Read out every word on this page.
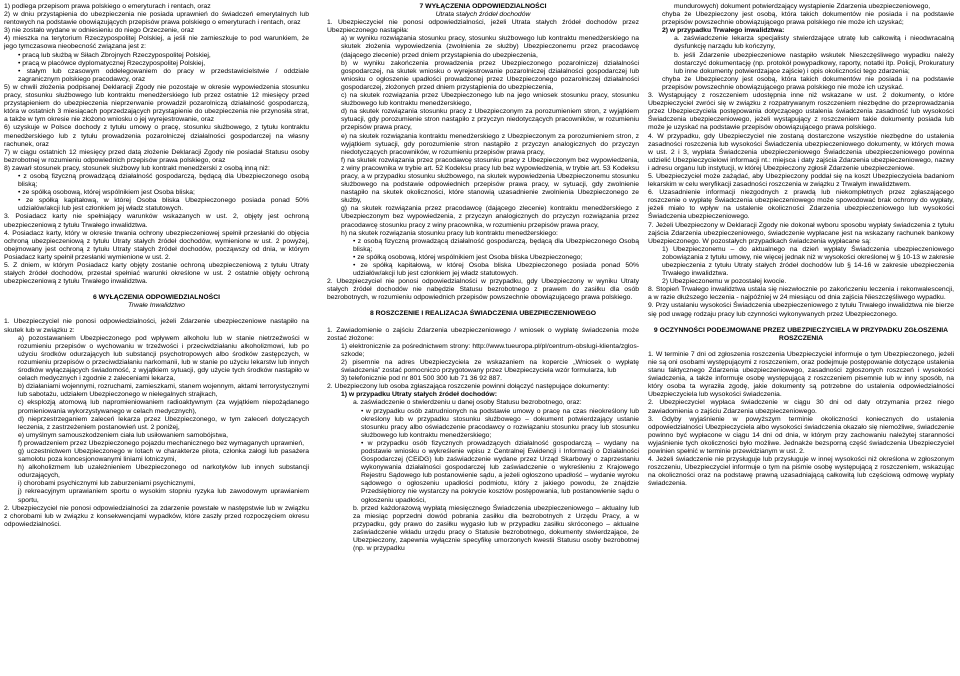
1) podlega przepisom prawa polskiego o emeryturach i rentach, oraz

2) w dniu przystąpienia do ubezpieczenia nie posiada uprawnień do świadczeń emerytalnych lub rentowych na podstawie obowiązujących przepisów prawa polskiego o emeryturach i rentach, oraz

3) nie zostało wydane w odniesieniu do niego Orzeczenie, oraz

4) mieszka na terytorium Rzeczypospolitej Polskiej, a jeśli nie zamieszkuje to pod warunkiem, że jego tymczasowa nieobecność związana jest z:

• pracą lub służbą w Siłach Zbrojnych Rzeczypospolitej Polskiej,

• pracą w placówce dyplomatycznej Rzeczypospolitej Polskiej,

• stałym lub czasowym oddelegowaniem do pracy w przedstawicielstwie / oddziale zagranicznym polskiego pracodawcy, oraz

5) w chwili złożenia podpisanej Deklaracji Zgody nie pozostaje w okresie wypowiedzenia stosunku pracy, stosunku służbowego lub kontraktu menedżerskiego lub przez ostatnie 12 miesięcy przed przystąpieniem do ubezpieczenia nieprzerwanie prowadził pozarolniczą działalność gospodarczą, która w ostatnich 3 miesiącach poprzedzających przystąpienie do ubezpieczenia nie przynosiła strat, a także w tym okresie nie złożono wniosku o jej wyrejestrowanie, oraz

6) uzyskuje w Polsce dochody z tytułu umowy o pracę, stosunku służbowego, z tytułu kontraktu menedżerskiego lub z tytułu prowadzenia pozarolniczej działalności gospodarczej na własny rachunek, oraz

7) w ciągu ostatnich 12 miesięcy przed datą złożenie Deklaracji Zgody nie posiadał Statusu osoby bezrobotnej w rozumieniu odpowiednich przepisów prawa polskiego, oraz

8) zawarł stosunek pracy, stosunek służbowy lub kontrakt menedżerski z osobą inną niż:

• z osobą fizyczną prowadzącą działalność gospodarczą, będącą dla Ubezpieczonego osobą bliską;

• ze spółką osobową, której wspólnikiem jest Osoba bliska;

• ze spółką kapitałową, w której Osoba bliska Ubezpieczonego posiada ponad 50% udziałów/akcji lub jest członkiem jej władz statutowych.

3. Posiadacz karty nie spełniający warunków wskazanych w ust. 2, objęty jest ochroną ubezpieczeniową z tytułu Trwałego inwalidztwa.

4. Posiadacz karty, który w okresie trwania ochrony ubezpieczeniowej spełnił przesłanki do objęcia ochroną ubezpieczeniową z tytułu Utraty stałych źródeł dochodów, wymienione w ust. 2 powyżej, obejmowany jest ochroną z tytułu Utraty stałych źródeł dochodów, począwszy od dnia, w którym Posiadacz karty spełnił przesłanki wymienione w ust. 2.

5. Z dniem, w którym Posiadacz karty objęty zostanie ochroną ubezpieczeniową z tytułu Utraty stałych źródeł dochodów, przestał spełniać warunki określone w ust. 2 ostatnie objęty ochroną ubezpieczeniową z tytułu Trwałego inwalidztwa.

6 WYŁĄCZENIA ODPOWIEDZIALNOŚCI

Trwałe Inwalidztwo

1. Ubezpieczyciel nie ponosi odpowiedzialności, jeżeli Zdarzenie ubezpieczeniowe nastąpiło na skutek lub w związku z:

a) pozostawaniem Ubezpieczonego pod wpływem alkoholu lub w stanie nietrzeźwości w rozumieniu przepisów o wychowaniu w trzeźwości i przeciwdziałaniu alkoholizmowi, lub po użyciu środków odurzających lub substancji psychotropowych albo środków zastępczych, w rozumieniu przepisów o przeciwdziałaniu narkomanii, lub w stanie po użyciu lekarstw lub innych środków wyłączających świadomość, z wyjątkiem sytuacji, gdy użycie tych środków nastąpiło w celach medycznych i zgodnie z zaleceniami lekarza,

b) działaniami wojennymi, rozruchami, zamieszkami, stanem wojennym, aktami terrorystycznymi lub sabotażu, udziałem Ubezpieczonego w nielegalnych strajkach,

c) eksplozją atomową lub napromieniowaniem radioaktywnym (za wyjątkiem niepożądanego promieniowania wykorzystywanego w celach medycznych),

d) nieprzestrzeganiem zaleceń lekarza przez Ubezpieczonego, w tym zaleceń dotyczących leczenia, z zastrzeżeniem postanowień ust. 2 poniżej,

e) umyślnym samouszkodzeniem ciała lub usiłowaniem samobójstwa,

f) prowadzeniem przez Ubezpieczonego pojazdu mechanicznego bez wymaganych uprawnień,

g) uczestnictwem Ubezpieczonego w lotach w charakterze pilota, członka załogi lub pasażera samolotu poza koncesjonowanymi liniami lotniczymi,

h) alkoholizmem lub uzależnieniem Ubezpieczonego od narkotyków lub innych substancji odurzających,

i) chorobami psychicznymi lub zaburzeniami psychicznymi,

j) rekreacyjnym uprawianiem sportu o wysokim stopniu ryzyka lub zawodowym uprawianiem sportu,

2. Ubezpieczyciel nie ponosi odpowiedzialności za zdarzenie powstałe w następstwie lub w związku z chorobami lub w związku z konsekwencjami wypadków, które zaszły przed rozpoczęciem okresu odpowiedzialności.

7 WYŁĄCZENIA ODPOWIEDZIALNOŚCI

Utrata stałych źródeł dochodów

1. Ubezpieczyciel nie ponosi odpowiedzialności, jeżeli Utrata stałych źródeł dochodów przez Ubezpieczonego nastąpiła:

a) w wyniku rozwiązania stosunku pracy, stosunku służbowego lub kontraktu menedżerskiego na skutek złożenia wypowiedzenia (zwolnienia ze służby) Ubezpieczonemu przez pracodawcę (dającego zlecenie) przed dniem przystąpienia do ubezpieczenia,

b) w wyniku zakończenia prowadzenia przez Ubezpieczonego pozarolniczej działalności gospodarczej, na skutek wniosku o wyrejestrowanie pozarolniczej działalności gospodarczej lub wniosku o ogłoszenie upadłości prowadzonej przez Ubezpieczonego pozarolniczej działalności gospodarczej, złożonych przed dniem przystąpienia do ubezpieczenia,

c) na skutek rozwiązania przez Ubezpieczonego lub na jego wniosek stosunku pracy, stosunku służbowego lub kontraktu menedżerskiego,

d) na skutek rozwiązania stosunku pracy z Ubezpieczonym za porozumieniem stron, z wyjątkiem sytuacji, gdy porozumienie stron nastąpiło z przyczyn niedotyczących pracowników, w rozumieniu przepisów prawa pracy,

e) na skutek rozwiązania kontraktu menedżerskiego z Ubezpieczonym za porozumieniem stron, z wyjątkiem sytuacji, gdy porozumienie stron nastąpiło z przyczyn analogicznych do przyczyn niedotyczących pracowników, w rozumieniu przepisów prawa pracy,

f) na skutek rozwiązania przez pracodawcę stosunku pracy z Ubezpieczonym bez wypowiedzenia, z winy pracownika w trybie art. 52 Kodeksu pracy lub bez wypowiedzenia, w trybie art. 53 Kodeksu pracy, a w przypadku stosunku służbowego, na skutek wypowiedzenia Ubezpieczonemu stosunku służbowego na podstawie odpowiednich przepisów prawa pracy, w sytuacji, gdy zwolnienie nastąpiło na skutek okoliczności, które stanowią uzasadnienie zwolnienia Ubezpieczonego ze służby,

g) na skutek rozwiązania przez pracodawcę (dającego zlecenie) kontraktu menedżerskiego z Ubezpieczonym bez wypowiedzenia, z przyczyn analogicznych do przyczyn rozwiązania przez pracodawcę stosunku pracy z winy pracownika, w rozumieniu przepisów prawa pracy,

h) na skutek rozwiązania stosunku pracy lub kontraktu menedżerskiego:

• z osobą fizyczną prowadzącą działalność gospodarczą, będącą dla Ubezpieczonego Osobą bliską;

• ze spółką osobową, której wspólnikiem jest Osoba bliska Ubezpieczonego;

• ze spółką kapitałową, w której Osoba bliska Ubezpieczonego posiada ponad 50% udziałów/akcji lub jest członkiem jej władz statutowych.

2. Ubezpieczyciel nie ponosi odpowiedzialności w przypadku, gdy Ubezpieczony w wyniku Utraty stałych źródeł dochodów nie nabędzie Statusu bezrobotnego z prawem do zasiłku dla osób bezrobotnych, w rozumieniu odpowiednich przepisów powszechnie obowiązującego prawa polskiego.

8 ROSZCZENIE I REALIZACJA ŚWIADCZENIA UBEZPIECZENIOWEGO

1. Zawiadomienie o zajściu Zdarzenia ubezpieczeniowego / wniosek o wypłatę świadczenia może zostać złożone:

1) elektronicznie za pośrednictwem strony: http://www.tueuropa.pl/pl/centrum-obslugi-klienta/zglos-szkode;

2) pisemnie na adres Ubezpieczyciela ze wskazaniem na kopercie „Wniosek o wypłatę świadczenia” zostać pomocniczo przygotowany przez Ubezpieczyciela wzór formularza, lub

3) telefonicznie pod nr 801 500 300 lub 71 36 92 887.

2. Ubezpieczony lub osoba zgłaszająca roszczenie powinni dołączyć następujące dokumenty:

1) w przypadku Utraty stałych źródeł dochodów:

a. zaświadczenie o stwierdzeniu u danej osoby Statusu bezrobotnego, oraz:

• w przypadku osób zatrudnionych na podstawie umowy o pracę na czas nieokreślony lub określony lub w przypadku stosunku służbowego – dokument potwierdzający ustanie stosunku pracy albo oświadczenie pracodawcy o rozwiązaniu stosunku pracy lub stosunku służbowego lub kontraktu menedżerskiego;

• w przypadku osób fizycznych prowadzących działalność gospodarczą – wydany na podstawie wniosku o wykreślenie wpisu z Centralnej Ewidencji i Informacji o Działalności Gospodarczej (CEiDG) lub zaświadczenie wydane przez Urząd Skarbowy o zaprzestaniu wykonywania działalności gospodarczej lub zaświadczenie o wykreśleniu z Krajowego Rejestru Sądowego lub postanowienie sądu, a jeżeli ogłoszono upadłość – wydanie wyroku sądowego o ogłoszeniu upadłości podmiotu, który z jakiego powodu, że znajdzie Przedsiębiorcy nie wystarczy na pokrycie kosztów postępowania, lub postanowienie sądu o ogłoszeniu upadłości,

b. przed każdorazową wypłatą miesięcznego Świadczenia ubezpieczeniowego – aktualny lub za miesiąc poprzedni dowód pobrania zasiłku dla bezrobotnych z Urzędu Pracy, a w przypadku, gdy prawo do zasiłku wygasło lub w przypadku zasiłku skróconego – aktualne zaświadczenie wkładu urzędu pracy o Statusie bezrobotnego, dokumenty stwierdzające, że Ubezpieczony, zapewnia wyłącznie specyfikę umorzonych kwestii Statusu osoby bezrobotnej (np. w przypadku

mundurowych) dokument potwierdzający wystąpienie Zdarzenia ubezpieczeniowego,

chyba że Ubezpieczony jest osobą, która takich dokumentów nie posiada i na podstawie przepisów powszechnie obowiązującego prawa polskiego nie może ich uzyskać;

2) w przypadku Trwałego inwalidztwa:

a. zaświadczenie lekarza specjalisty stwierdzające utratę lub całkowitą i nieodwracalną dysfunkcję narządu lub kończyny,

b. jeśli Zdarzenie ubezpieczeniowe nastąpiło wskutek Nieszczęśliwego wypadku należy dostarczyć dokumentację (np. protokół powypadkowy, raporty, notatki itp. Policji, Prokuratury lub inne dokumenty potwierdzające zajście) i opis okoliczności tego zdarzenia;

chyba że Ubezpieczony jest osobą, która takich dokumentów nie posiada i na podstawie przepisów powszechnie obowiązującego prawa polskiego nie może ich uzyskać.

3. Wystąpujący z roszczeniem udostępnia inne niż wskazane w ust. 2 dokumenty, o które Ubezpieczyciel zwróci się w związku z rozpatrywanym roszczeniem niezbędne do przeprowadzania przez Ubezpieczyciela postępowania dotyczącego ustalenia świadczenia zasadność lub wysokości Świadczenia ubezpieczeniowego, jeżeli wystąpujący z roszczeniem takie dokumenty posiada lub może je uzyskać na podstawie przepisów obowiązującego prawa polskiego.

4. W przypadku, gdy Ubezpieczyciel nie zostaną dostarczone wszystkie niezbędne do ustalenia zasadności roszczenia lub wysokości Świadczenia ubezpieczeniowego dokumenty, w których mowa w ust. 2 i 3, wypłata Świadczenia ubezpieczeniowego Świadczenia ubezpieczeniowego powinna udzielić Ubezpieczycielowi informacji nt.: miejsca i daty zajścia Zdarzenia ubezpieczeniowego, nazwy i adresu organu lub instytucji, w której Ubezpieczony zgłosił Zdarzenie ubezpieczeniowe.

5. Ubezpieczyciel może zażądać, aby Ubezpieczony poddał się na koszt Ubezpieczyciela badaniom lekarskim w celu weryfikacji zasadności roszczenia w związku z Trwałym inwalidztwem.

6. Uzasadnienie informacji niezgodnych z prawdą lub niekompletnych przez zgłaszającego roszczenie o wypłatę Świadczenia ubezpieczeniowego może spowodować brak ochrony do wypłaty, jeżeli miało to wpływ na ustalenie okoliczności Zdarzenia ubezpieczeniowego lub wysokości Świadczenia ubezpieczeniowego.

7. Jeżeli Ubezpieczony w Deklaracji Zgody nie dokonał wyboru sposobu wypłaty świadczenia z tytułu zajścia Zdarzenia ubezpieczeniowego, świadczenie wypłacane jest na wskazany rachunek bankowy Ubezpieczonego. W pozostałych przypadkach świadczenia wypłacane są:

1) Ubezpieczonemu – do aktualnego na dzień wypłaty Świadczenia ubezpieczeniowego zobowiązania z tytułu umowy, nie więcej jednak niż w wysokości określonej w § 10-13 w zakresie ubezpieczenia z tytułu Utraty stałych źródeł dochodów lub § 14-16 w zakresie ubezpieczenia Trwałego inwalidztwa.

2) Ubezpieczonemu w pozostałej kwocie.

8. Stopień Trwałego inwalidztwa ustala się niezwłocznie po zakończeniu leczenia i rekonwalescencji, a w razie dłuższego leczenia - najpóźniej w 24 miesiącu od dnia zajścia Nieszczęśliwego wypadku.

9. Przy ustalaniu wysokości Świadczenia ubezpieczeniowego z tytułu Trwałego inwalidztwa nie bierze się pod uwagę rodzaju pracy lub czynności wykonywanych przez Ubezpieczonego.

9 OCZYNNOŚCI PODEJMOWANE PRZEZ UBEZPIECZYCIELA W PRZYPADKU ZGŁOSZENIA ROSZCZENIA

1. W terminie 7 dni od zgłoszenia roszczenia Ubezpieczyciel informuje o tym Ubezpieczonego, jeżeli nie są oni osobami występującymi z roszczeniem, oraz podejmuje postępowanie dotyczące ustalenia stanu faktycznego Zdarzenia ubezpieczeniowego, zasadności zgłoszonych roszczeń i wysokości świadczenia, a także informuje osobę występującą z roszczeniem pisemnie lub w inny sposób, na który osoba ta wyraziła zgodę, jakie dokumenty są potrzebne do ustalenia odpowiedzialności Ubezpieczyciela lub wysokości świadczenia.

2. Ubezpieczyciel wypłaca świadczenie w ciągu 30 dni od daty otrzymania przez niego zawiadomienia o zajściu Zdarzenia ubezpieczeniowego.

3. Gdyby wyjaśnienie w powyższym terminie okoliczności koniecznych do ustalenia odpowiedzialności Ubezpieczyciela albo wysokości świadczenia okazało się niemożliwe, świadczenie powinno być wypłacone w ciągu 14 dni od dnia, w którym przy zachowaniu należytej staranności wyjaśnienie tych okoliczności było możliwe. Jednakże bezsporną część świadczenia Ubezpieczyciel powinien spełnić w terminie przewidzianym w ust. 2.

4. Jeżeli świadczenie nie przysługuje lub przysługuje w innej wysokości niż określona w zgłoszonym roszczeniu, Ubezpieczyciel informuje o tym na piśmie osobę występującą z roszczeniem, wskazując na okoliczności oraz na podstawę prawną uzasadniającą całkowitą lub częściową odmowę wypłaty świadczenia.
